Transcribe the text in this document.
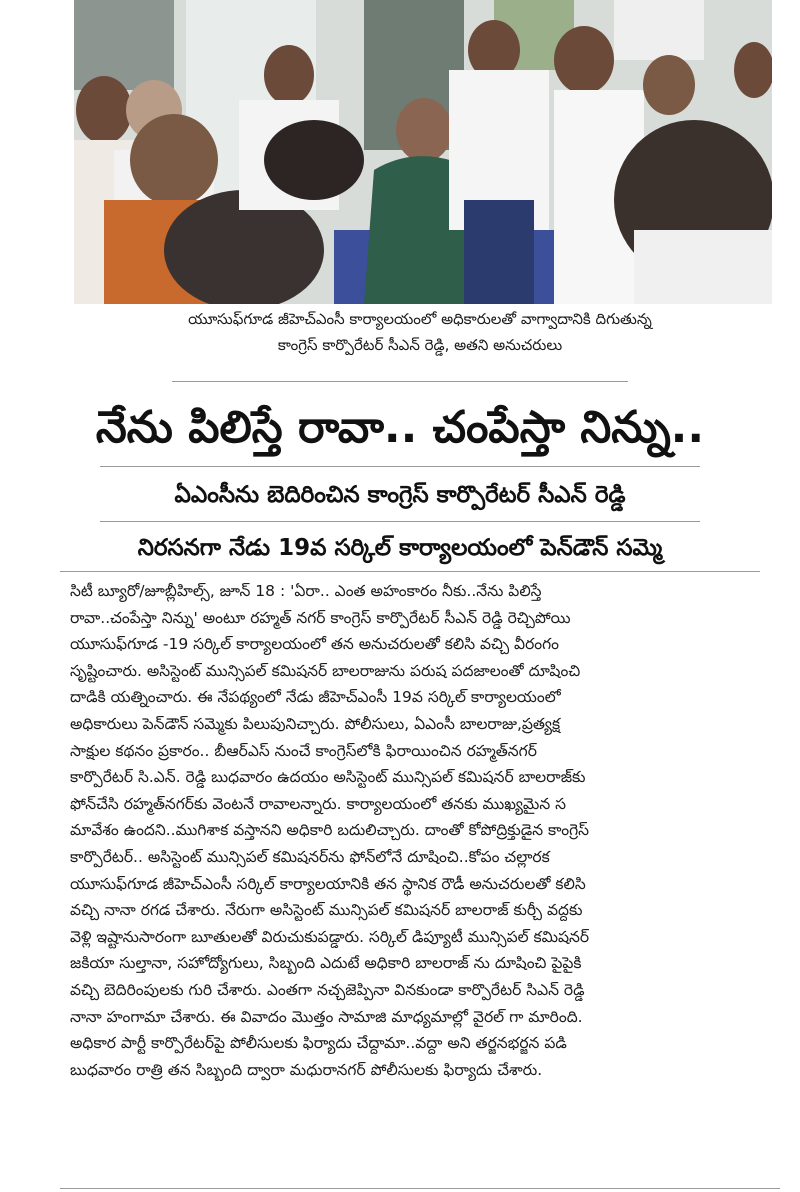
యూసుఫ్‌గూడ జీహెచ్‌ఎంసీ కార్యాలయంలో అధికారులతో వాగ్వాదానికి దిగుతున్న
కాంగ్రెస్ కార్పొరేటర్ సీఎన్ రెడ్డి, అతని అనుచరులు
నేను పిలిస్తే రావా.. చంపేస్తా నిన్ను..
ఏఎంసీను బెదిరించిన కాంగ్రెస్ కార్పొరేటర్ సీఎన్ రెడ్డి
నిరసనగా నేడు 19వ సర్కిల్ కార్యాలయంలో పెన్‌డౌన్ సమ్మె
సిటీ బ్యూరో/జూబ్లీహిల్స్, జూన్ 18 : 'ఏరా.. ఎంత అహంకారం నీకు..నేను పిలిస్తే
రావా..చంపేస్తా నిన్ను' అంటూ రహ్మత్ నగర్ కాంగ్రెస్ కార్పొరేటర్ సీఎన్ రెడ్డి రెచ్చిపోయి
యూసుఫ్‌గూడ -19 సర్కిల్ కార్యాలయంలో తన అనుచరులతో కలిసి వచ్చి వీరంగం
సృష్టించారు. అసిస్టెంట్ మున్సిపల్ కమిషనర్ బాలరాజును పరుష పదజాలంతో దూషించి
దాడికి యత్నించారు. ఈ నేపథ్యంలో నేడు జీహెచ్‌ఎంసీ 19వ సర్కిల్ కార్యాలయంలో
అధికారులు పెన్‌డౌన్ సమ్మెకు పిలుపునిచ్చారు. పోలీసులు, ఏఎంసీ బాలరాజు,ప్రత్యక్ష
సాక్షుల కథనం ప్రకారం.. బీఆర్ఎస్ నుంచే కాంగ్రెస్‌లోకి ఫిరాయించిన రహ్మత్‌నగర్
కార్పొరేటర్ సి.ఎన్. రెడ్డి బుధవారం ఉదయం అసిస్టెంట్ మున్సిపల్ కమిషనర్ బాలరాజ్‌కు
ఫోన్‌చేసి రహ్మత్‌నగర్‌కు వెంటనే రావాలన్నారు. కార్యాలయంలో తనకు ముఖ్యమైన స
మావేశం ఉందని..ముగిశాక వస్తానని అధికారి బదులిచ్చారు. దాంతో కోపోద్రిక్తుడైన కాంగ్రెస్
కార్పొరేటర్.. అసిస్టెంట్ మున్సిపల్ కమిషనర్‌ను ఫోన్‌లోనే దూషించి..కోపం చల్లారక
యూసుఫ్‌గూడ జీహెచ్‌ఎంసీ సర్కిల్ కార్యాలయానికి తన స్థానిక రౌడీ అనుచరులతో కలిసి
వచ్చి నానా రగడ చేశారు. నేరుగా అసిస్టెంట్ మున్సిపల్ కమిషనర్ బాలరాజ్ కుర్చీ వద్దకు
వెళ్లి ఇష్టానుసారంగా బూతులతో విరుచుకుపడ్డారు. సర్కిల్ డిప్యూటీ మున్సిపల్ కమిషనర్
జకియా సుల్తానా, సహోద్యోగులు, సిబ్బంది ఎదుటే అధికారి బాలరాజ్ ను దూషించి పైపైకి
వచ్చి బెదిరింపులకు గురి చేశారు. ఎంతగా నచ్చజెప్పినా వినకుండా కార్పొరేటర్ సిఎన్ రెడ్డి
నానా హంగామా చేశారు. ఈ వివాదం మొత్తం సామాజి మాధ్యమాల్లో వైరల్ గా మారింది.
అధికార పార్టీ కార్పొరేటర్‌పై పోలీసులకు ఫిర్యాదు చేద్దామా..వద్దా అని తర్జనభర్జన పడి
బుధవారం రాత్రి తన సిబ్బంది ద్వారా మధురానగర్ పోలీసులకు ఫిర్యాదు చేశారు.
